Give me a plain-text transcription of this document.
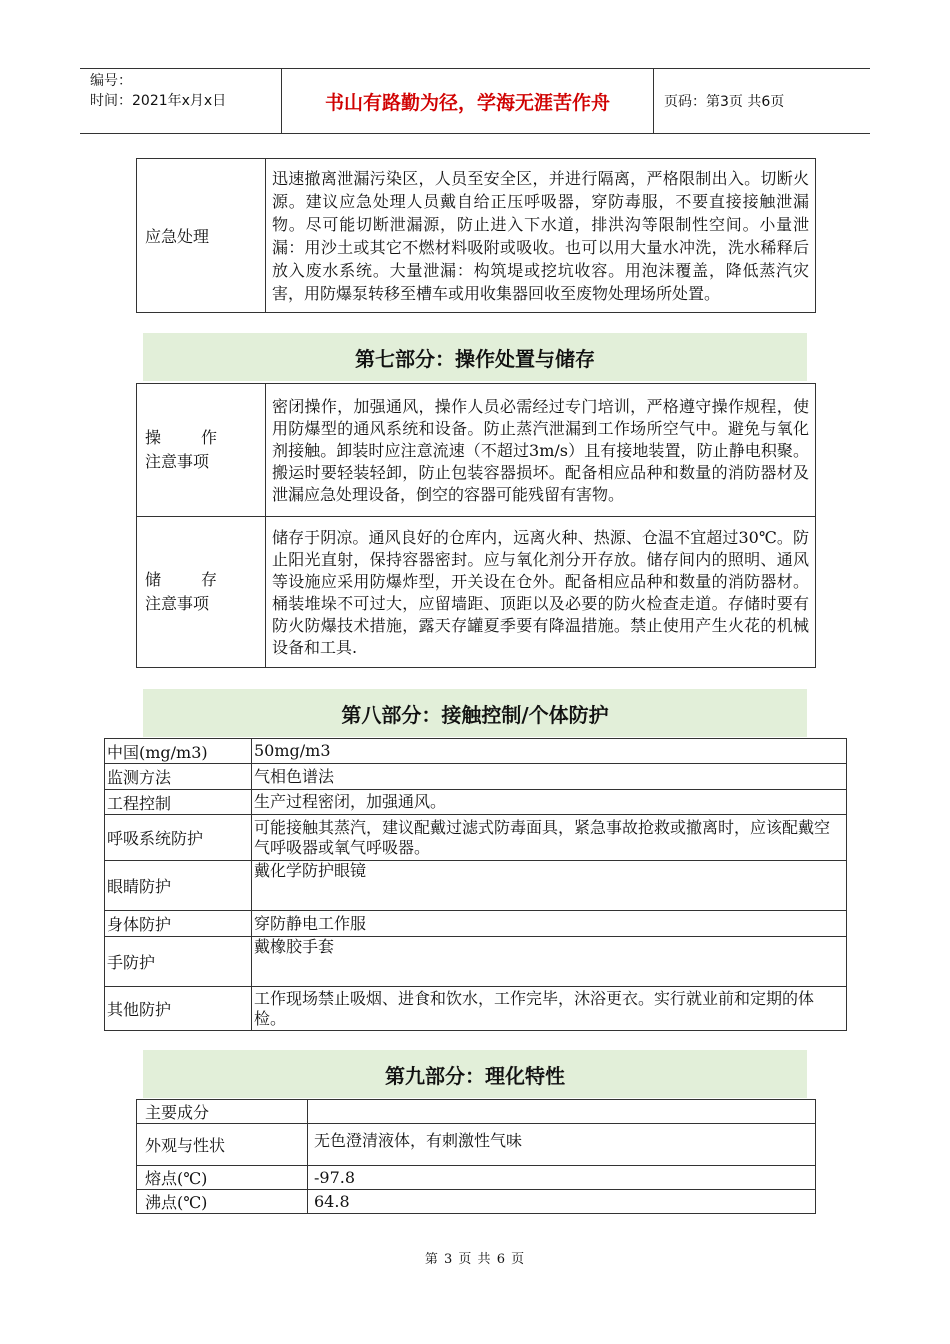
编号：
时间：2021年x月x日	书山有路勤为径，学海无涯苦作舟	页码：第3页 共6页
应急处理	迅速撤离泄漏污染区，人员至安全区，并进行隔离，严格限制出入。切断火源。建议应急处理人员戴自给正压呼吸器，穿防毒服，不要直接接触泄漏物。尽可能切断泄漏源，防止进入下水道，排洪沟等限制性空间。小量泄漏：用沙土或其它不燃材料吸附或吸收。也可以用大量水冲洗，洗水稀释后放入废水系统。大量泄漏：构筑堤或挖坑收容。用泡沫覆盖，降低蒸汽灾害，用防爆泵转移至槽车或用收集器回收至废物处理场所处置。
第七部分：操作处置与储存
操 作
注意事项	密闭操作，加强通风，操作人员必需经过专门培训，严格遵守操作规程，使用防爆型的通风系统和设备。防止蒸汽泄漏到工作场所空气中。避免与氧化剂接触。卸装时应注意流速（不超过3m/s）且有接地装置，防止静电积聚。搬运时要轻装轻卸，防止包装容器损坏。配备相应品种和数量的消防器材及泄漏应急处理设备，倒空的容器可能残留有害物。

储 存
注意事项	储存于阴凉。通风良好的仓库内，远离火种、热源、仓温不宜超过30℃。防止阳光直射，保持容器密封。应与氧化剂分开存放。储存间内的照明、通风等设施应采用防爆炸型，开关设在仓外。配备相应品种和数量的消防器材。桶装堆垛不可过大，应留墙距、顶距以及必要的防火检查走道。存储时要有防火防爆技术措施，露天存罐夏季要有降温措施。禁止使用产生火花的机械设备和工具.
第八部分：接触控制/个体防护
中国(mg/m3)	50mg/m3
监测方法	气相色谱法
工程控制	生产过程密闭，加强通风。
呼吸系统防护	可能接触其蒸汽，建议配戴过滤式防毒面具，紧急事故抢救或撤离时，应该配戴空气呼吸器或氧气呼吸器。
眼睛防护	戴化学防护眼镜
身体防护	穿防静电工作服
手防护	戴橡胶手套
其他防护	工作现场禁止吸烟、进食和饮水，工作完毕，沐浴更衣。实行就业前和定期的体检。
第九部分：理化特性
主要成分	
外观与性状	无色澄清液体，有刺激性气味
熔点(℃)	-97.8
沸点(℃)	64.8
第 3 页 共 6 页
